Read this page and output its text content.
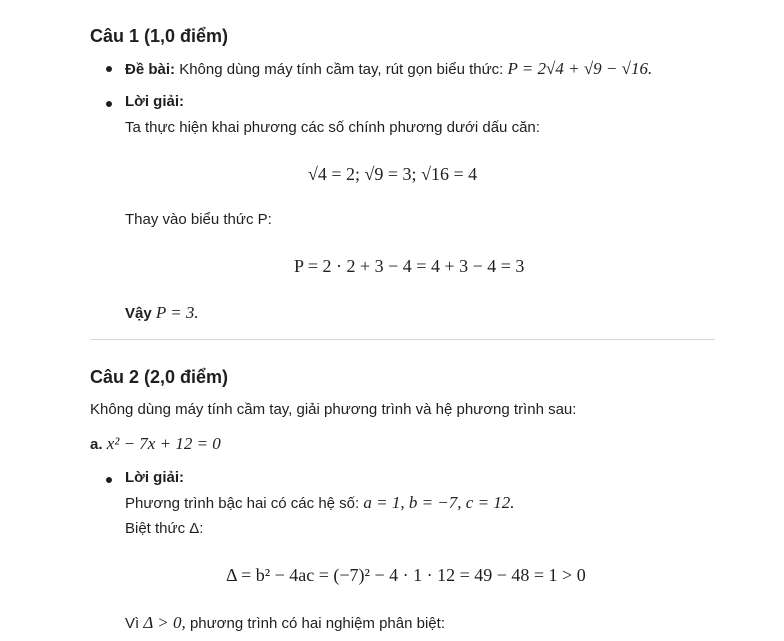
Câu 1 (1,0 điểm)
Đề bài: Không dùng máy tính cầm tay, rút gọn biểu thức: P = 2√4 + √9 − √16.
Lời giải:
Ta thực hiện khai phương các số chính phương dưới dấu căn:
√4 = 2; √9 = 3; √16 = 4
Thay vào biểu thức P:
P = 2 · 2 + 3 − 4 = 4 + 3 − 4 = 3
Vậy P = 3.
Câu 2 (2,0 điểm)
Không dùng máy tính cầm tay, giải phương trình và hệ phương trình sau:
a. x² − 7x + 12 = 0
Lời giải:
Phương trình bậc hai có các hệ số: a = 1, b = −7, c = 12.
Biệt thức Δ:
Δ = b² − 4ac = (−7)² − 4 · 1 · 12 = 49 − 48 = 1 > 0
Vì Δ > 0, phương trình có hai nghiệm phân biệt:
